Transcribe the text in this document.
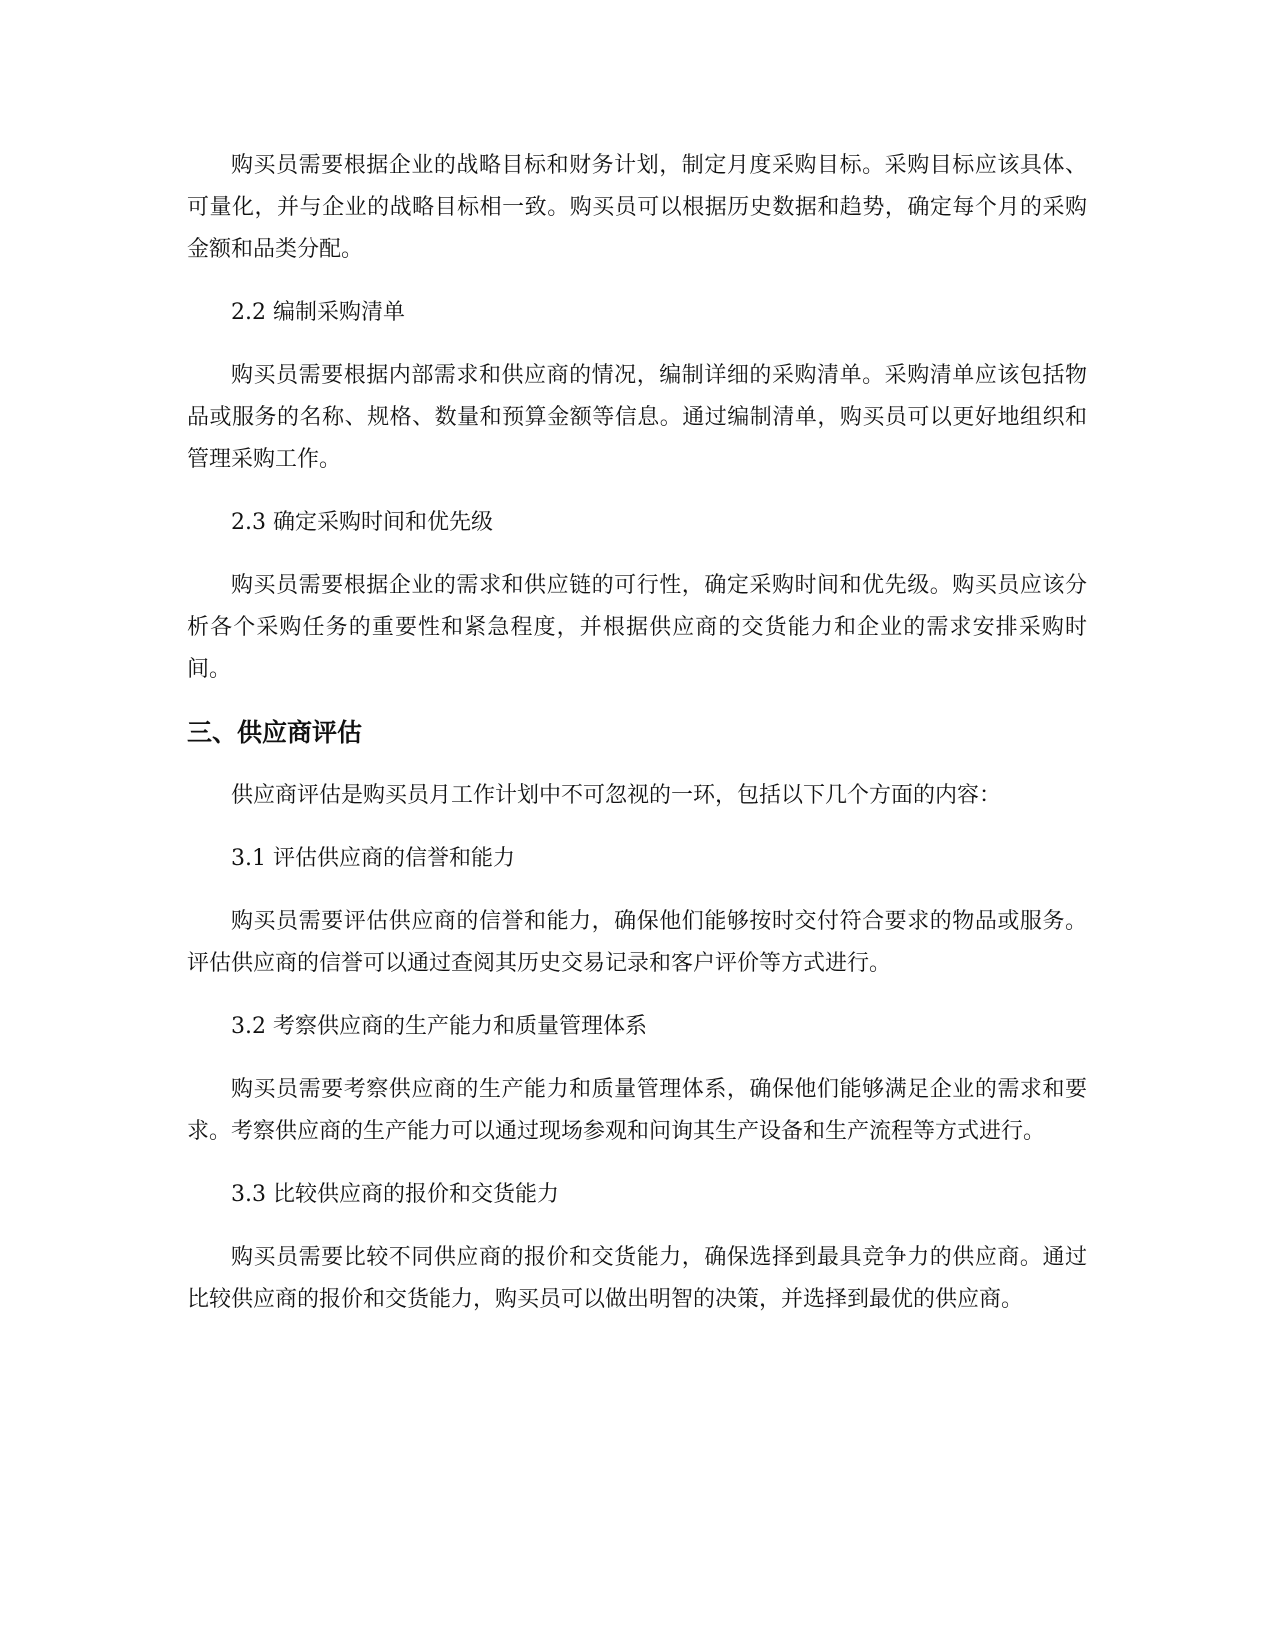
购买员需要根据企业的战略目标和财务计划，制定月度采购目标。采购目标应该具体、可量化，并与企业的战略目标相一致。购买员可以根据历史数据和趋势，确定每个月的采购金额和品类分配。

2.2 编制采购清单

购买员需要根据内部需求和供应商的情况，编制详细的采购清单。采购清单应该包括物品或服务的名称、规格、数量和预算金额等信息。通过编制清单，购买员可以更好地组织和管理采购工作。

2.3 确定采购时间和优先级

购买员需要根据企业的需求和供应链的可行性，确定采购时间和优先级。购买员应该分析各个采购任务的重要性和紧急程度，并根据供应商的交货能力和企业的需求安排采购时间。

三、供应商评估

供应商评估是购买员月工作计划中不可忽视的一环，包括以下几个方面的内容：

3.1 评估供应商的信誉和能力

购买员需要评估供应商的信誉和能力，确保他们能够按时交付符合要求的物品或服务。评估供应商的信誉可以通过查阅其历史交易记录和客户评价等方式进行。

3.2 考察供应商的生产能力和质量管理体系

购买员需要考察供应商的生产能力和质量管理体系，确保他们能够满足企业的需求和要求。考察供应商的生产能力可以通过现场参观和问询其生产设备和生产流程等方式进行。

3.3 比较供应商的报价和交货能力

购买员需要比较不同供应商的报价和交货能力，确保选择到最具竞争力的供应商。通过比较供应商的报价和交货能力，购买员可以做出明智的决策，并选择到最优的供应商。
